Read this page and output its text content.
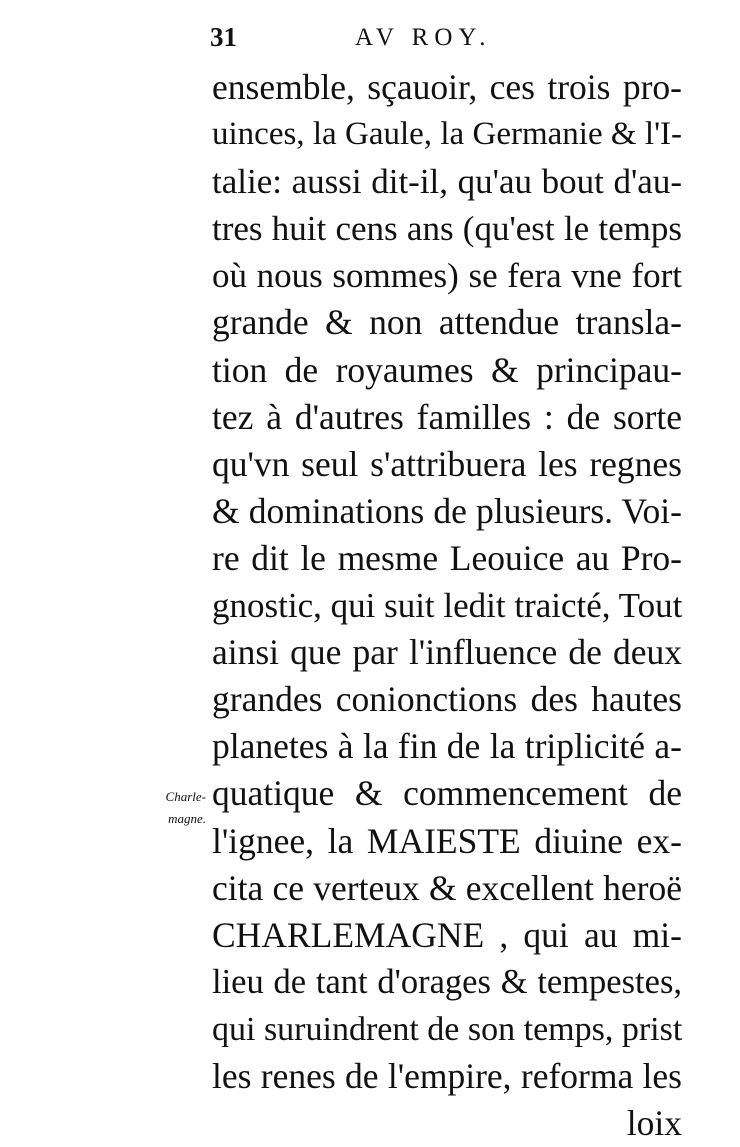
31	AV ROY.
Charle-
magne.
ensemble, sçauoir, ces trois pro-
uinces, la Gaule, la Germanie & l'I-
talie: aussi dit-il, qu'au bout d'au-
tres huit cens ans (qu'est le temps
où nous sommes) se fera vne fort
grande & non attendue transla-
tion de royaumes & principau-
tez à d'autres familles : de sorte
qu'vn seul s'attribuera les regnes
& dominations de plusieurs. Voi-
re dit le mesme Leouice au Pro-
gnostic, qui suit ledit traicté, Tout
ainsi que par l'influence de deux
grandes conionctions des hautes
planetes à la fin de la triplicité a-
quatique & commencement de
l'ignee, la MAIESTE diuine ex-
cita ce verteux & excellent heroë
CHARLEMAGNE , qui au mi-
lieu de tant d'orages & tempestes,
qui suruindrent de son temps, prist
les renes de l'empire, reforma les
loix
